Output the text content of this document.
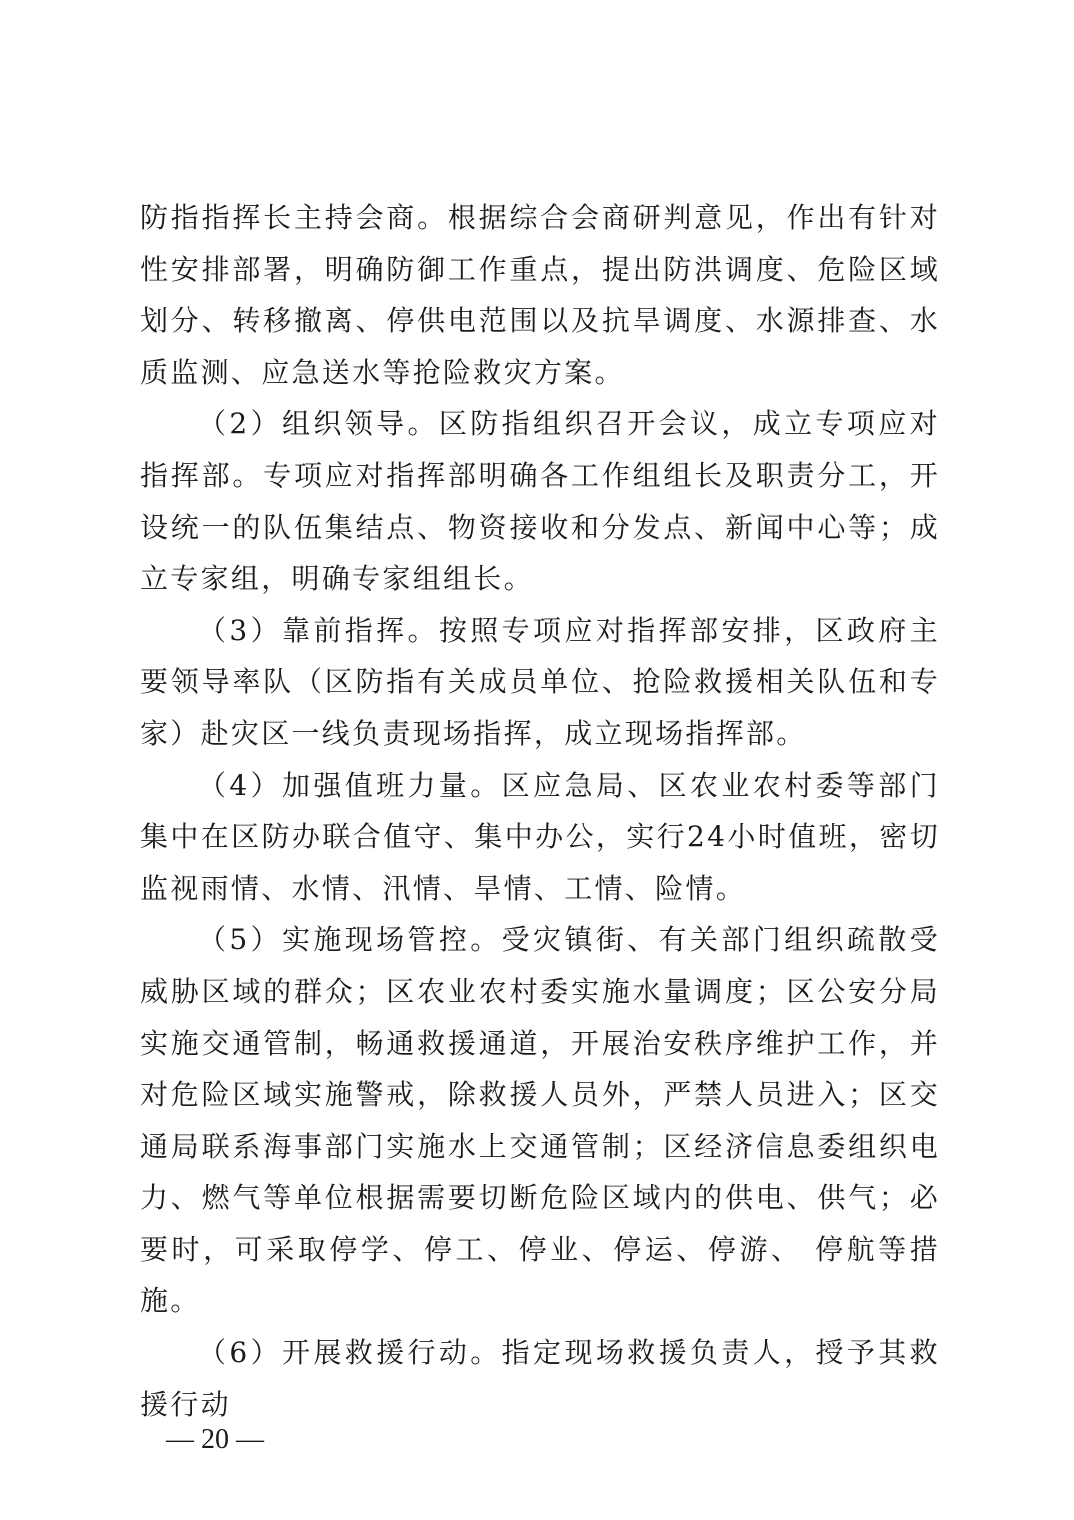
防指指挥长主持会商。根据综合会商研判意见，作出有针对性安排部署，明确防御工作重点，提出防洪调度、危险区域划分、转移撤离、停供电范围以及抗旱调度、水源排查、水质监测、应急送水等抢险救灾方案。

（2）组织领导。区防指组织召开会议，成立专项应对指挥部。专项应对指挥部明确各工作组组长及职责分工，开设统一的队伍集结点、物资接收和分发点、新闻中心等；成立专家组，明确专家组组长。

（3）靠前指挥。按照专项应对指挥部安排，区政府主要领导率队（区防指有关成员单位、抢险救援相关队伍和专家）赴灾区一线负责现场指挥，成立现场指挥部。

（4）加强值班力量。区应急局、区农业农村委等部门集中在区防办联合值守、集中办公，实行24小时值班，密切监视雨情、水情、汛情、旱情、工情、险情。

（5）实施现场管控。受灾镇街、有关部门组织疏散受威胁区域的群众；区农业农村委实施水量调度；区公安分局实施交通管制，畅通救援通道，开展治安秩序维护工作，并对危险区域实施警戒，除救援人员外，严禁人员进入；区交通局联系海事部门实施水上交通管制；区经济信息委组织电力、燃气等单位根据需要切断危险区域内的供电、供气；必要时，可采取停学、停工、停业、停运、停游、 停航等措施。

（6）开展救援行动。指定现场救援负责人，授予其救援行动

— 20 —
